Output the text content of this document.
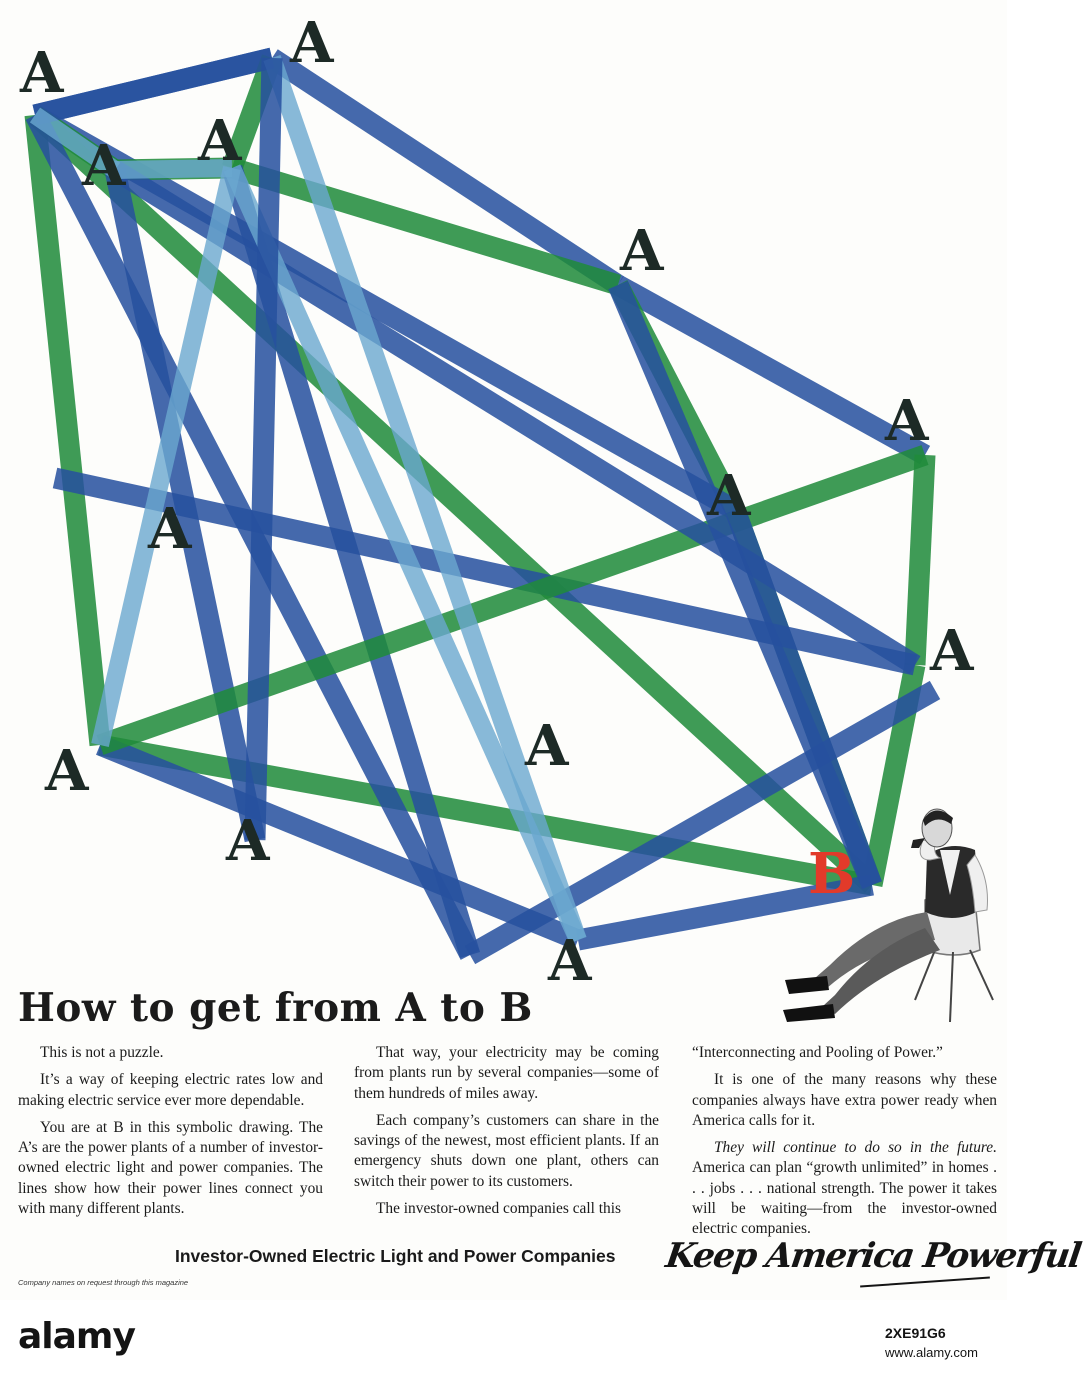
A	A
A A
A
A
A
A
A
A	A
A
A
B
How to get from A to B

This is not a puzzle.

It’s a way of keeping electric rates low and making electric service ever more dependable.

You are at B in this symbolic drawing. The A’s are the power plants of a number of investor-owned electric light and power companies. The lines show how their power lines connect you with many different plants.

That way, your electricity may be coming from plants run by several companies—some of them hundreds of miles away.

Each company’s customers can share in the savings of the newest, most efficient plants. If an emergency shuts down one plant, others can switch their power to its customers.

The investor-owned companies call this

“Interconnecting and Pooling of Power.”

It is one of the many reasons why these companies always have extra power ready when America calls for it.

They will continue to do so in the future. America can plan “growth unlimited” in homes . . . jobs . . . national strength. The power it takes will be waiting—from the investor-owned electric companies.

Investor-Owned Electric Light and Power Companies
Company names on request through this magazine
Keep America Powerful
alamy	2XE91G6
www.alamy.com
